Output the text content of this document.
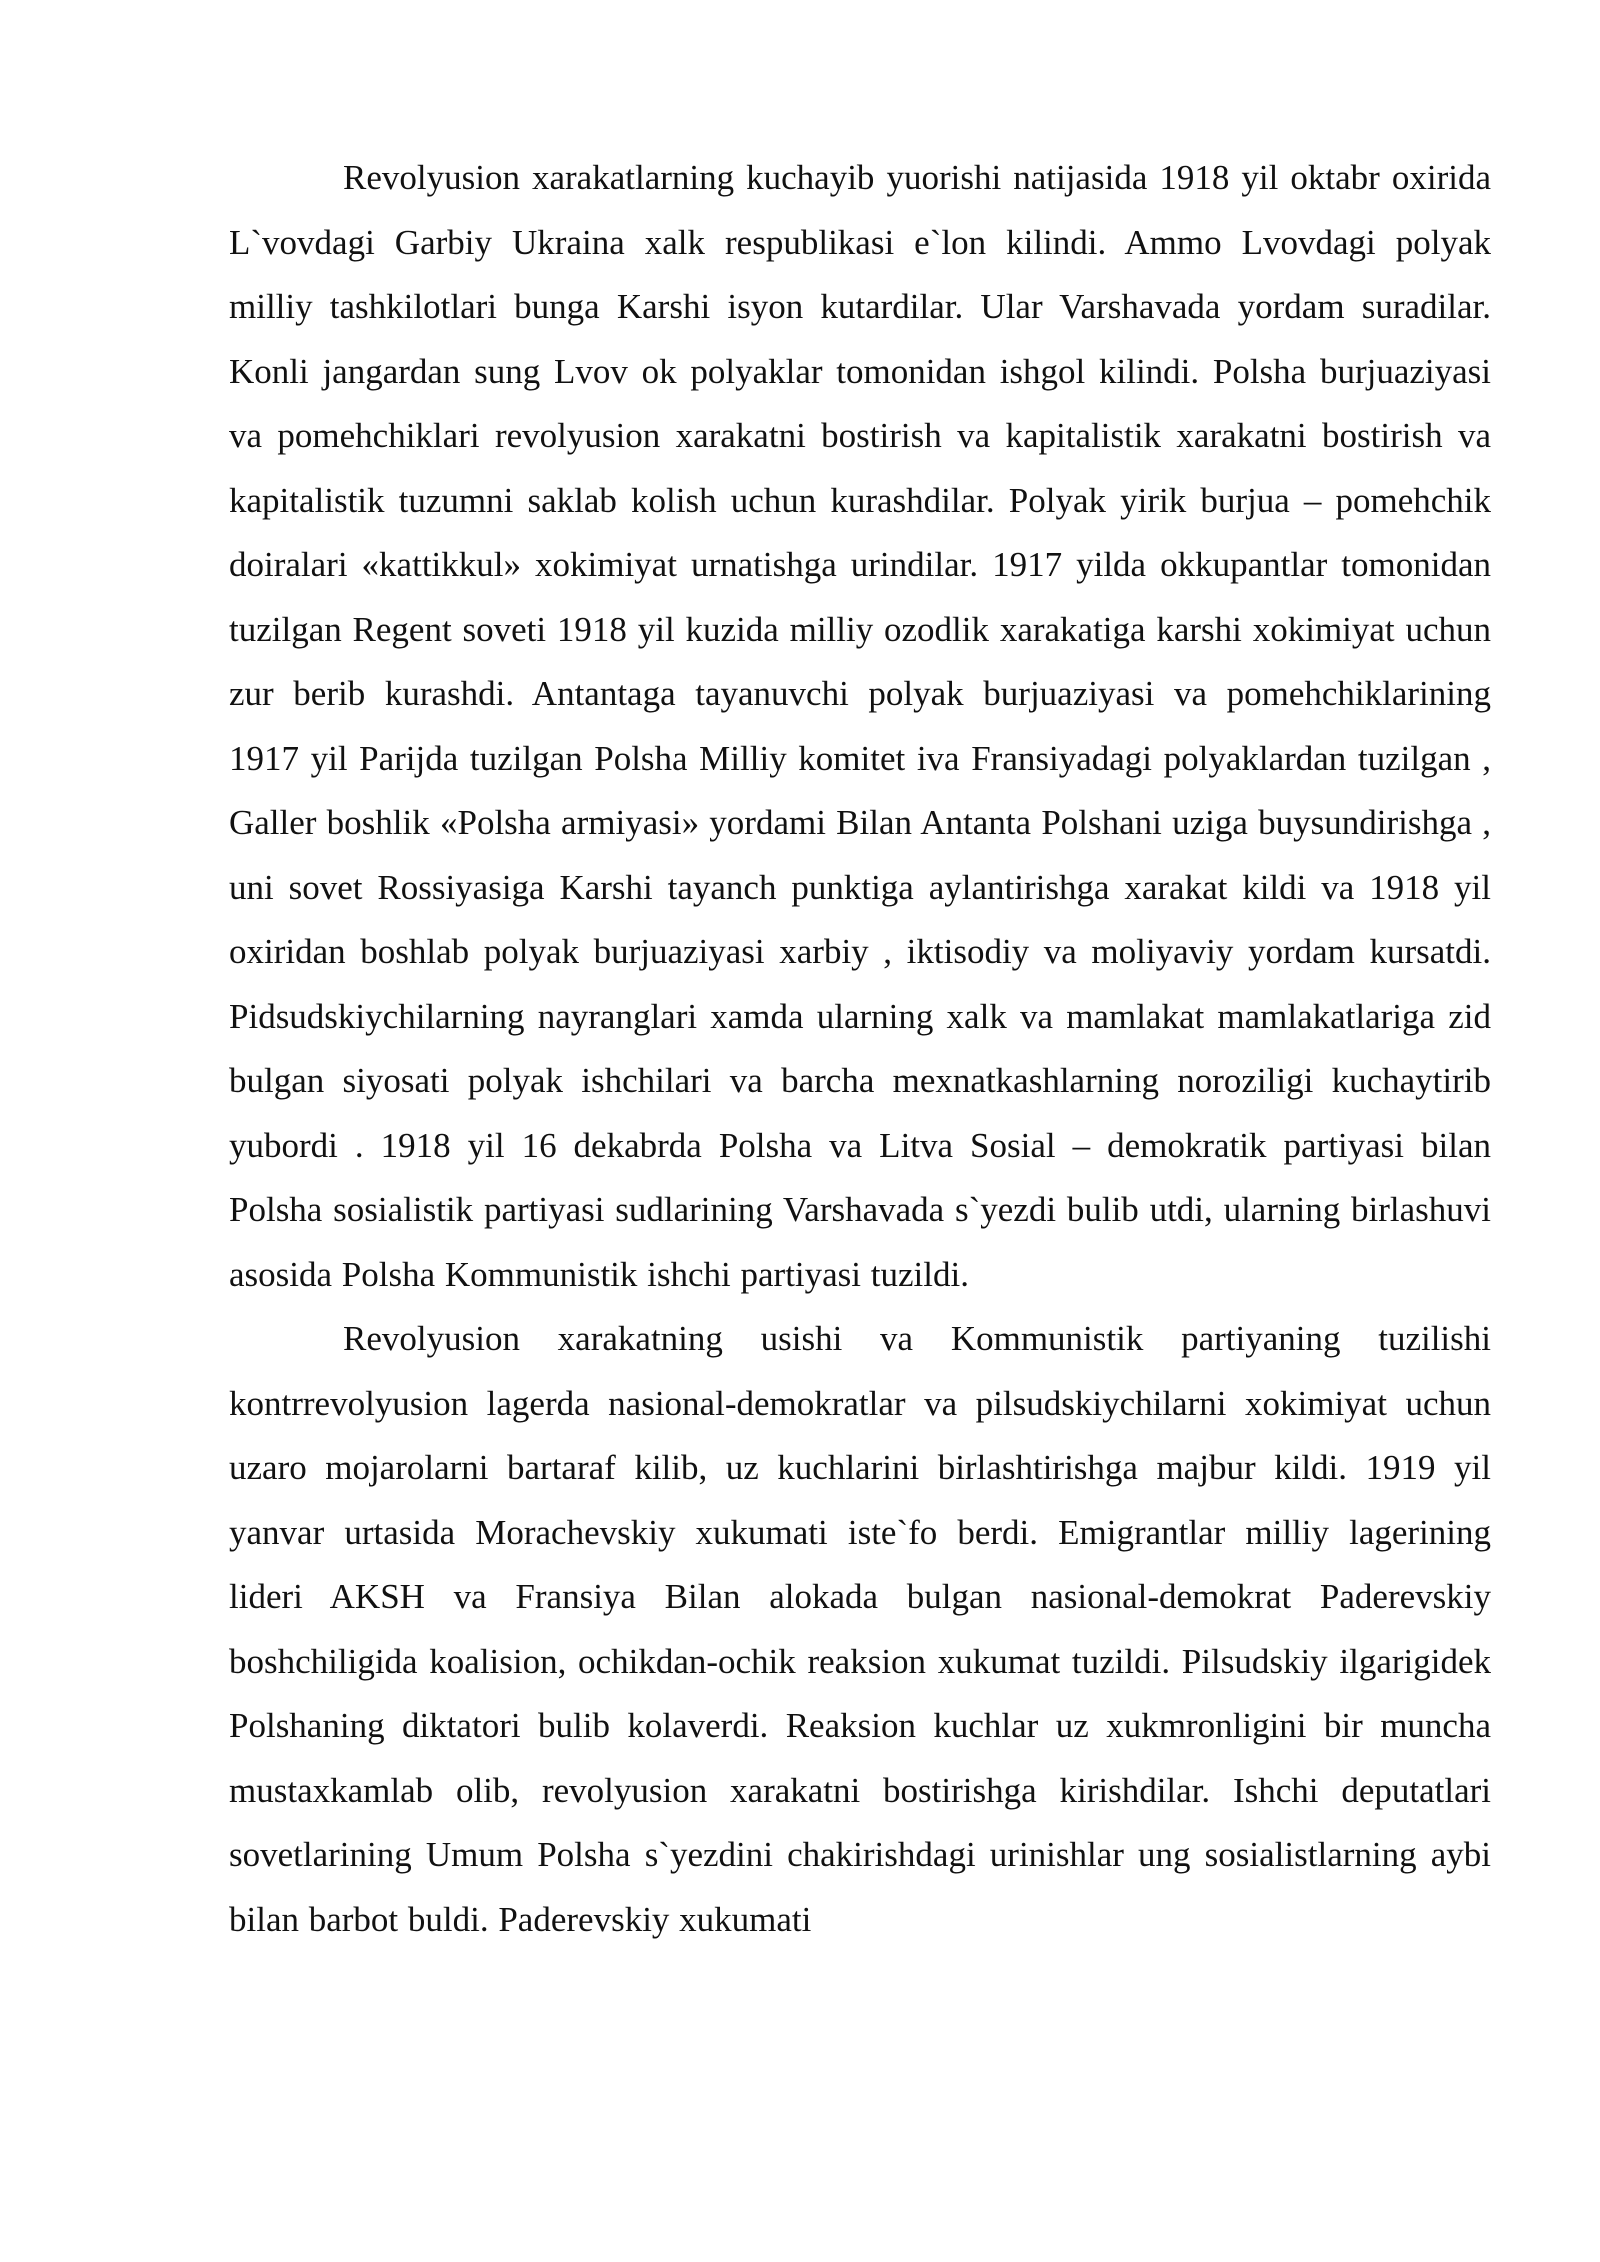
Revolyusion xarakatlarning kuchayib yuorishi natijasida 1918 yil oktabr oxirida L`vovdagi Garbiy Ukraina xalk respublikasi e`lon kilindi. Ammo Lvovdagi polyak milliy tashkilotlari bunga Karshi isyon kutardilar. Ular Varshavada yordam suradilar. Konli jangardan sung Lvov ok polyaklar tomonidan ishgol kilindi. Polsha burjuaziyasi va pomehchiklari revolyusion xarakatni bostirish va kapitalistik xarakatni bostirish va kapitalistik tuzumni saklab kolish uchun kurashdilar. Polyak yirik burjua – pomehchik doiralari «kattikkul» xokimiyat urnatishga urindilar. 1917 yilda okkupantlar tomonidan tuzilgan Regent soveti 1918 yil kuzida milliy ozodlik xarakatiga karshi xokimiyat uchun zur berib kurashdi. Antantaga tayanuvchi polyak burjuaziyasi va pomehchiklarining 1917 yil Parijda tuzilgan Polsha Milliy komitet iva Fransiyadagi polyaklardan tuzilgan , Galler boshlik «Polsha armiyasi» yordami Bilan Antanta Polshani uziga buysundirishga , uni sovet Rossiyasiga Karshi tayanch punktiga aylantirishga xarakat kildi va 1918 yil oxiridan boshlab polyak burjuaziyasi xarbiy , iktisodiy va moliyaviy yordam kursatdi. Pidsudskiychilarning nayranglari xamda ularning xalk va mamlakat mamlakatlariga zid bulgan siyosati polyak ishchilari va barcha mexnatkashlarning noroziligi kuchaytirib yubordi . 1918 yil 16 dekabrda Polsha va Litva Sosial – demokratik partiyasi bilan Polsha sosialistik partiyasi sudlarining Varshavada s`yezdi bulib utdi, ularning birlashuvi asosida Polsha Kommunistik ishchi partiyasi tuzildi.

Revolyusion xarakatning usishi va Kommunistik partiyaning tuzilishi kontrrevolyusion lagerda nasional-demokratlar va pilsudskiychilarni xokimiyat uchun uzaro mojarolarni bartaraf kilib, uz kuchlarini birlashtirishga majbur kildi. 1919 yil yanvar urtasida Morachevskiy xukumati iste`fo berdi. Emigrantlar milliy lagerining lideri AKSH va Fransiya Bilan alokada bulgan nasional-demokrat Paderevskiy boshchiligida koalision, ochikdan-ochik reaksion xukumat tuzildi. Pilsudskiy ilgarigidek Polshaning diktatori bulib kolaverdi. Reaksion kuchlar uz xukmronligini bir muncha mustaxkamlab olib, revolyusion xarakatni bostirishga kirishdilar. Ishchi deputatlari sovetlarining Umum Polsha s`yezdini chakirishdagi urinishlar ung sosialistlarning aybi bilan barbot buldi. Paderevskiy xukumati
